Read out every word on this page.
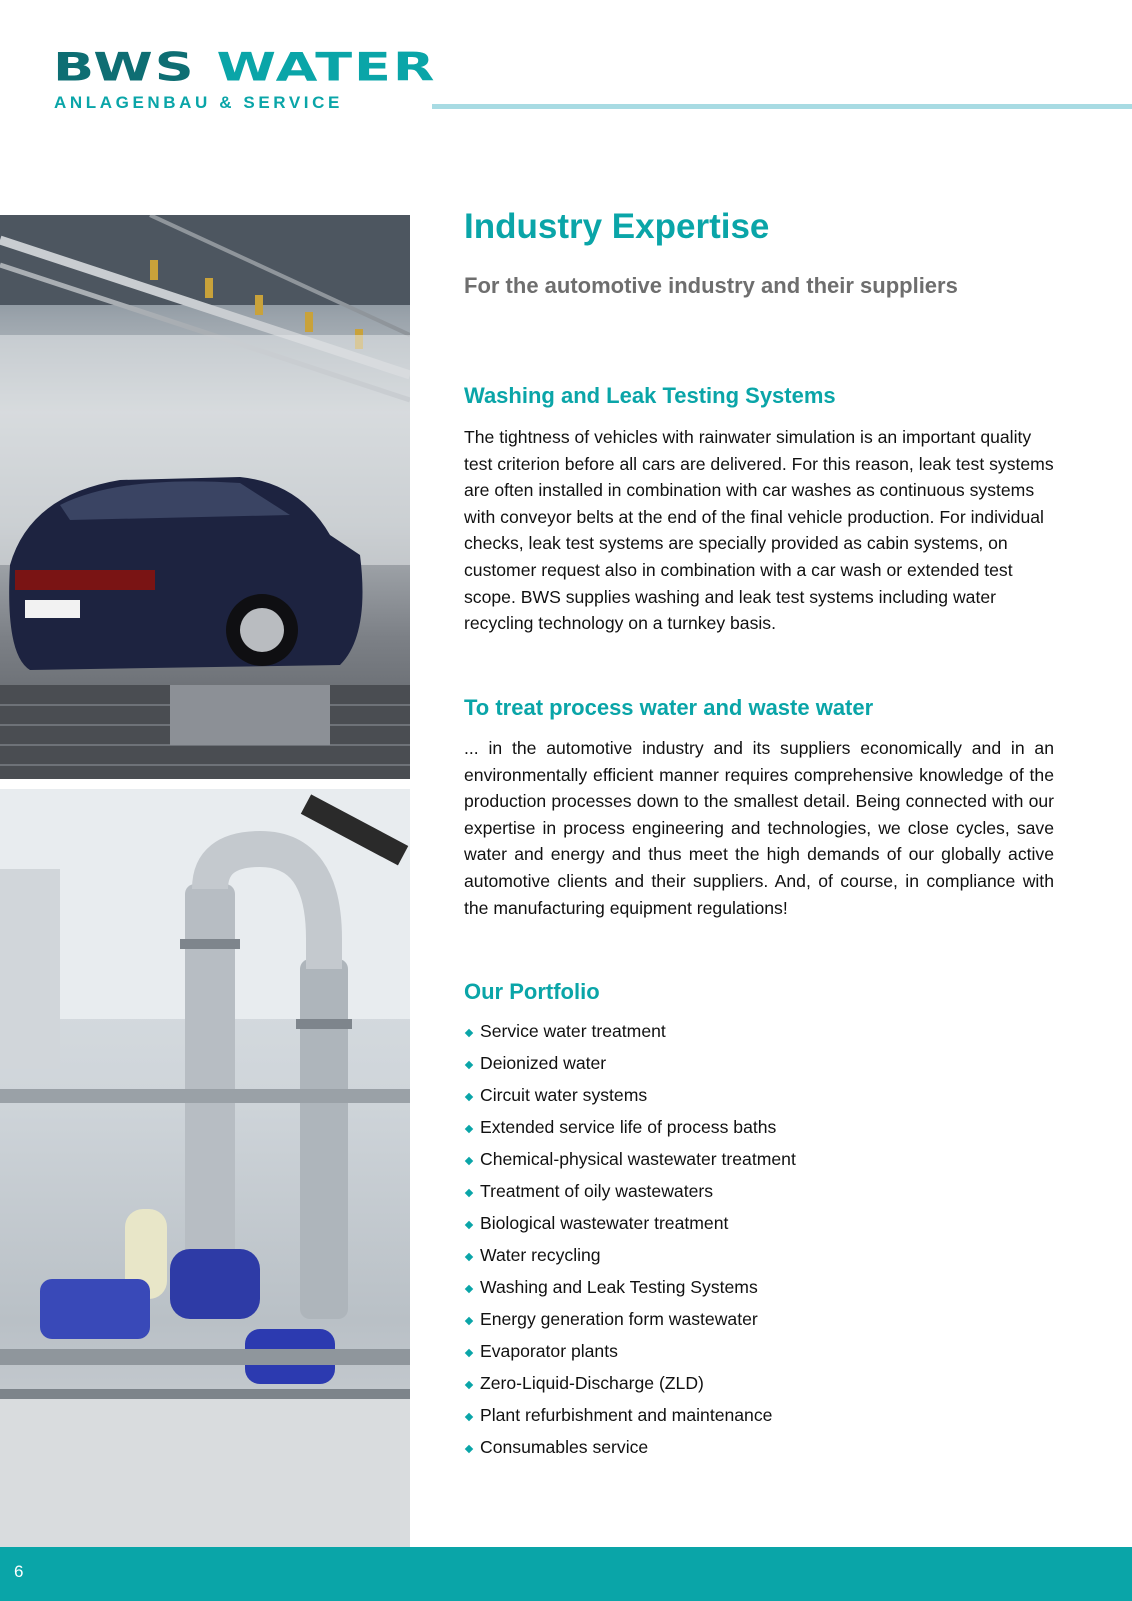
BWS WATER
ANLAGENBAU & SERVICE
Industry Expertise
For the automotive industry and their suppliers
Washing and Leak Testing Systems

The tightness of vehicles with rainwater simulation is an important quality test criterion before all cars are delivered. For this reason, leak test systems are often installed in combination with car washes as continuous systems with conveyor belts at the end of the final vehicle production. For individual checks, leak test systems are specially provided as cabin systems, on customer request also in combination with a car wash or extended test scope. BWS supplies washing and leak test systems including water recycling technology on a turnkey basis.

To treat process water and waste water

... in the automotive industry and its suppliers economically and in an environmentally efficient manner requires comprehensive knowledge of the production processes down to the smallest detail. Being connected with our expertise in process engineering and technologies, we close cycles, save water and energy and thus meet the high demands of our globally active automotive clients and their suppliers. And, of course, in compliance with the manufacturing equipment regulations!

Our Portfolio
Service water treatment
Deionized water
Circuit water systems
Extended service life of process baths
Chemical-physical wastewater treatment
Treatment of oily wastewaters
Biological wastewater treatment
Water recycling
Washing and Leak Testing Systems
Energy generation form wastewater
Evaporator plants
Zero-Liquid-Discharge (ZLD)
Plant refurbishment and maintenance
Consumables service
6
